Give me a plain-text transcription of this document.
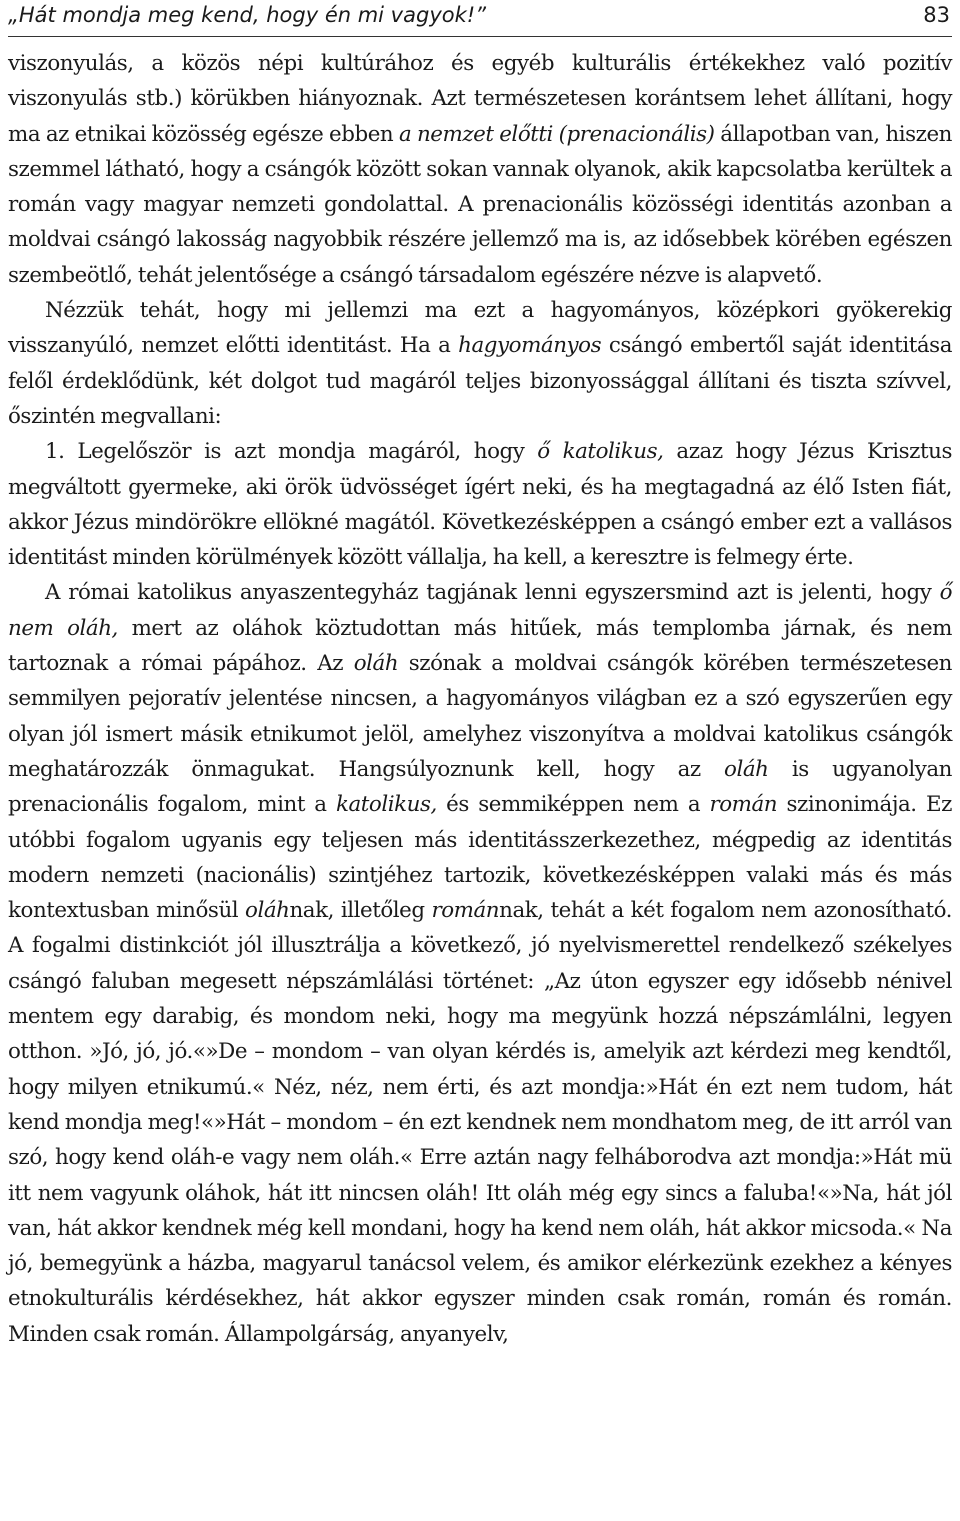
„Hát mondja meg kend, hogy én mi vagyok!”	83

viszonyulás, a közös népi kultúrához és egyéb kulturális értékekhez való pozitív viszonyulás stb.) körükben hiányoznak. Azt természetesen korántsem lehet állítani, hogy ma az etnikai közösség egésze ebben a nemzet előtti (prenacionális) állapotban van, hiszen szemmel látható, hogy a csángók között sokan vannak olyanok, akik kapcsolatba kerültek a román vagy magyar nemzeti gondolattal. A prenacionális közösségi identitás azonban a moldvai csángó lakosság nagyobbik részére jellemző ma is, az idősebbek körében egészen szembeötlő, tehát jelentősége a csángó társadalom egészére nézve is alapvető.

Nézzük tehát, hogy mi jellemzi ma ezt a hagyományos, középkori gyökerekig visszanyúló, nemzet előtti identitást. Ha a hagyományos csángó embertől saját identitása felől érdeklődünk, két dolgot tud magáról teljes bizonyossággal állítani és tiszta szívvel, őszintén megvallani:

1. Legelőször is azt mondja magáról, hogy ő katolikus, azaz hogy Jézus Krisztus megváltott gyermeke, aki örök üdvösséget ígért neki, és ha megtagadná az élő Isten fiát, akkor Jézus mindörökre ellökné magától. Következésképpen a csángó ember ezt a vallásos identitást minden körülmények között vállalja, ha kell, a keresztre is felmegy érte.

A római katolikus anyaszentegyház tagjának lenni egyszersmind azt is jelenti, hogy ő nem oláh, mert az oláhok köztudottan más hitűek, más templomba járnak, és nem tartoznak a római pápához. Az oláh szónak a moldvai csángók körében természetesen semmilyen pejoratív jelentése nincsen, a hagyományos világban ez a szó egyszerűen egy olyan jól ismert másik etnikumot jelöl, amelyhez viszonyítva a moldvai katolikus csángók meghatározzák önmagukat. Hangsúlyoznunk kell, hogy az oláh is ugyanolyan prenacionális fogalom, mint a katolikus, és semmiképpen nem a román szinonimája. Ez utóbbi fogalom ugyanis egy teljesen más identitásszerkezethez, mégpedig az identitás modern nemzeti (nacionális) szintjéhez tartozik, következésképpen valaki más és más kontextusban minősül oláhnak, illetőleg románnak, tehát a két fogalom nem azonosítható. A fogalmi distinkciót jól illusztrálja a következő, jó nyelvismerettel rendelkező székelyes csángó faluban megesett népszámlálási történet: „Az úton egyszer egy idősebb nénivel mentem egy darabig, és mondom neki, hogy ma megyünk hozzá népszámlálni, legyen otthon. »Jó, jó, jó.«»De – mondom – van olyan kérdés is, amelyik azt kérdezi meg kendtől, hogy milyen etnikumú.« Néz, néz, nem érti, és azt mondja:»Hát én ezt nem tudom, hát kend mondja meg!«»Hát – mondom – én ezt kendnek nem mondhatom meg, de itt arról van szó, hogy kend oláh-e vagy nem oláh.« Erre aztán nagy felháborodva azt mondja:»Hát mü itt nem vagyunk oláhok, hát itt nincsen oláh! Itt oláh még egy sincs a faluba!«»Na, hát jól van, hát akkor kendnek még kell mondani, hogy ha kend nem oláh, hát akkor micsoda.« Na jó, bemegyünk a házba, magyarul tanácsol velem, és amikor elérkezünk ezekhez a kényes etnokulturális kérdésekhez, hát akkor egyszer minden csak román, román és román. Minden csak román. Állampolgárság, anyanyelv,
